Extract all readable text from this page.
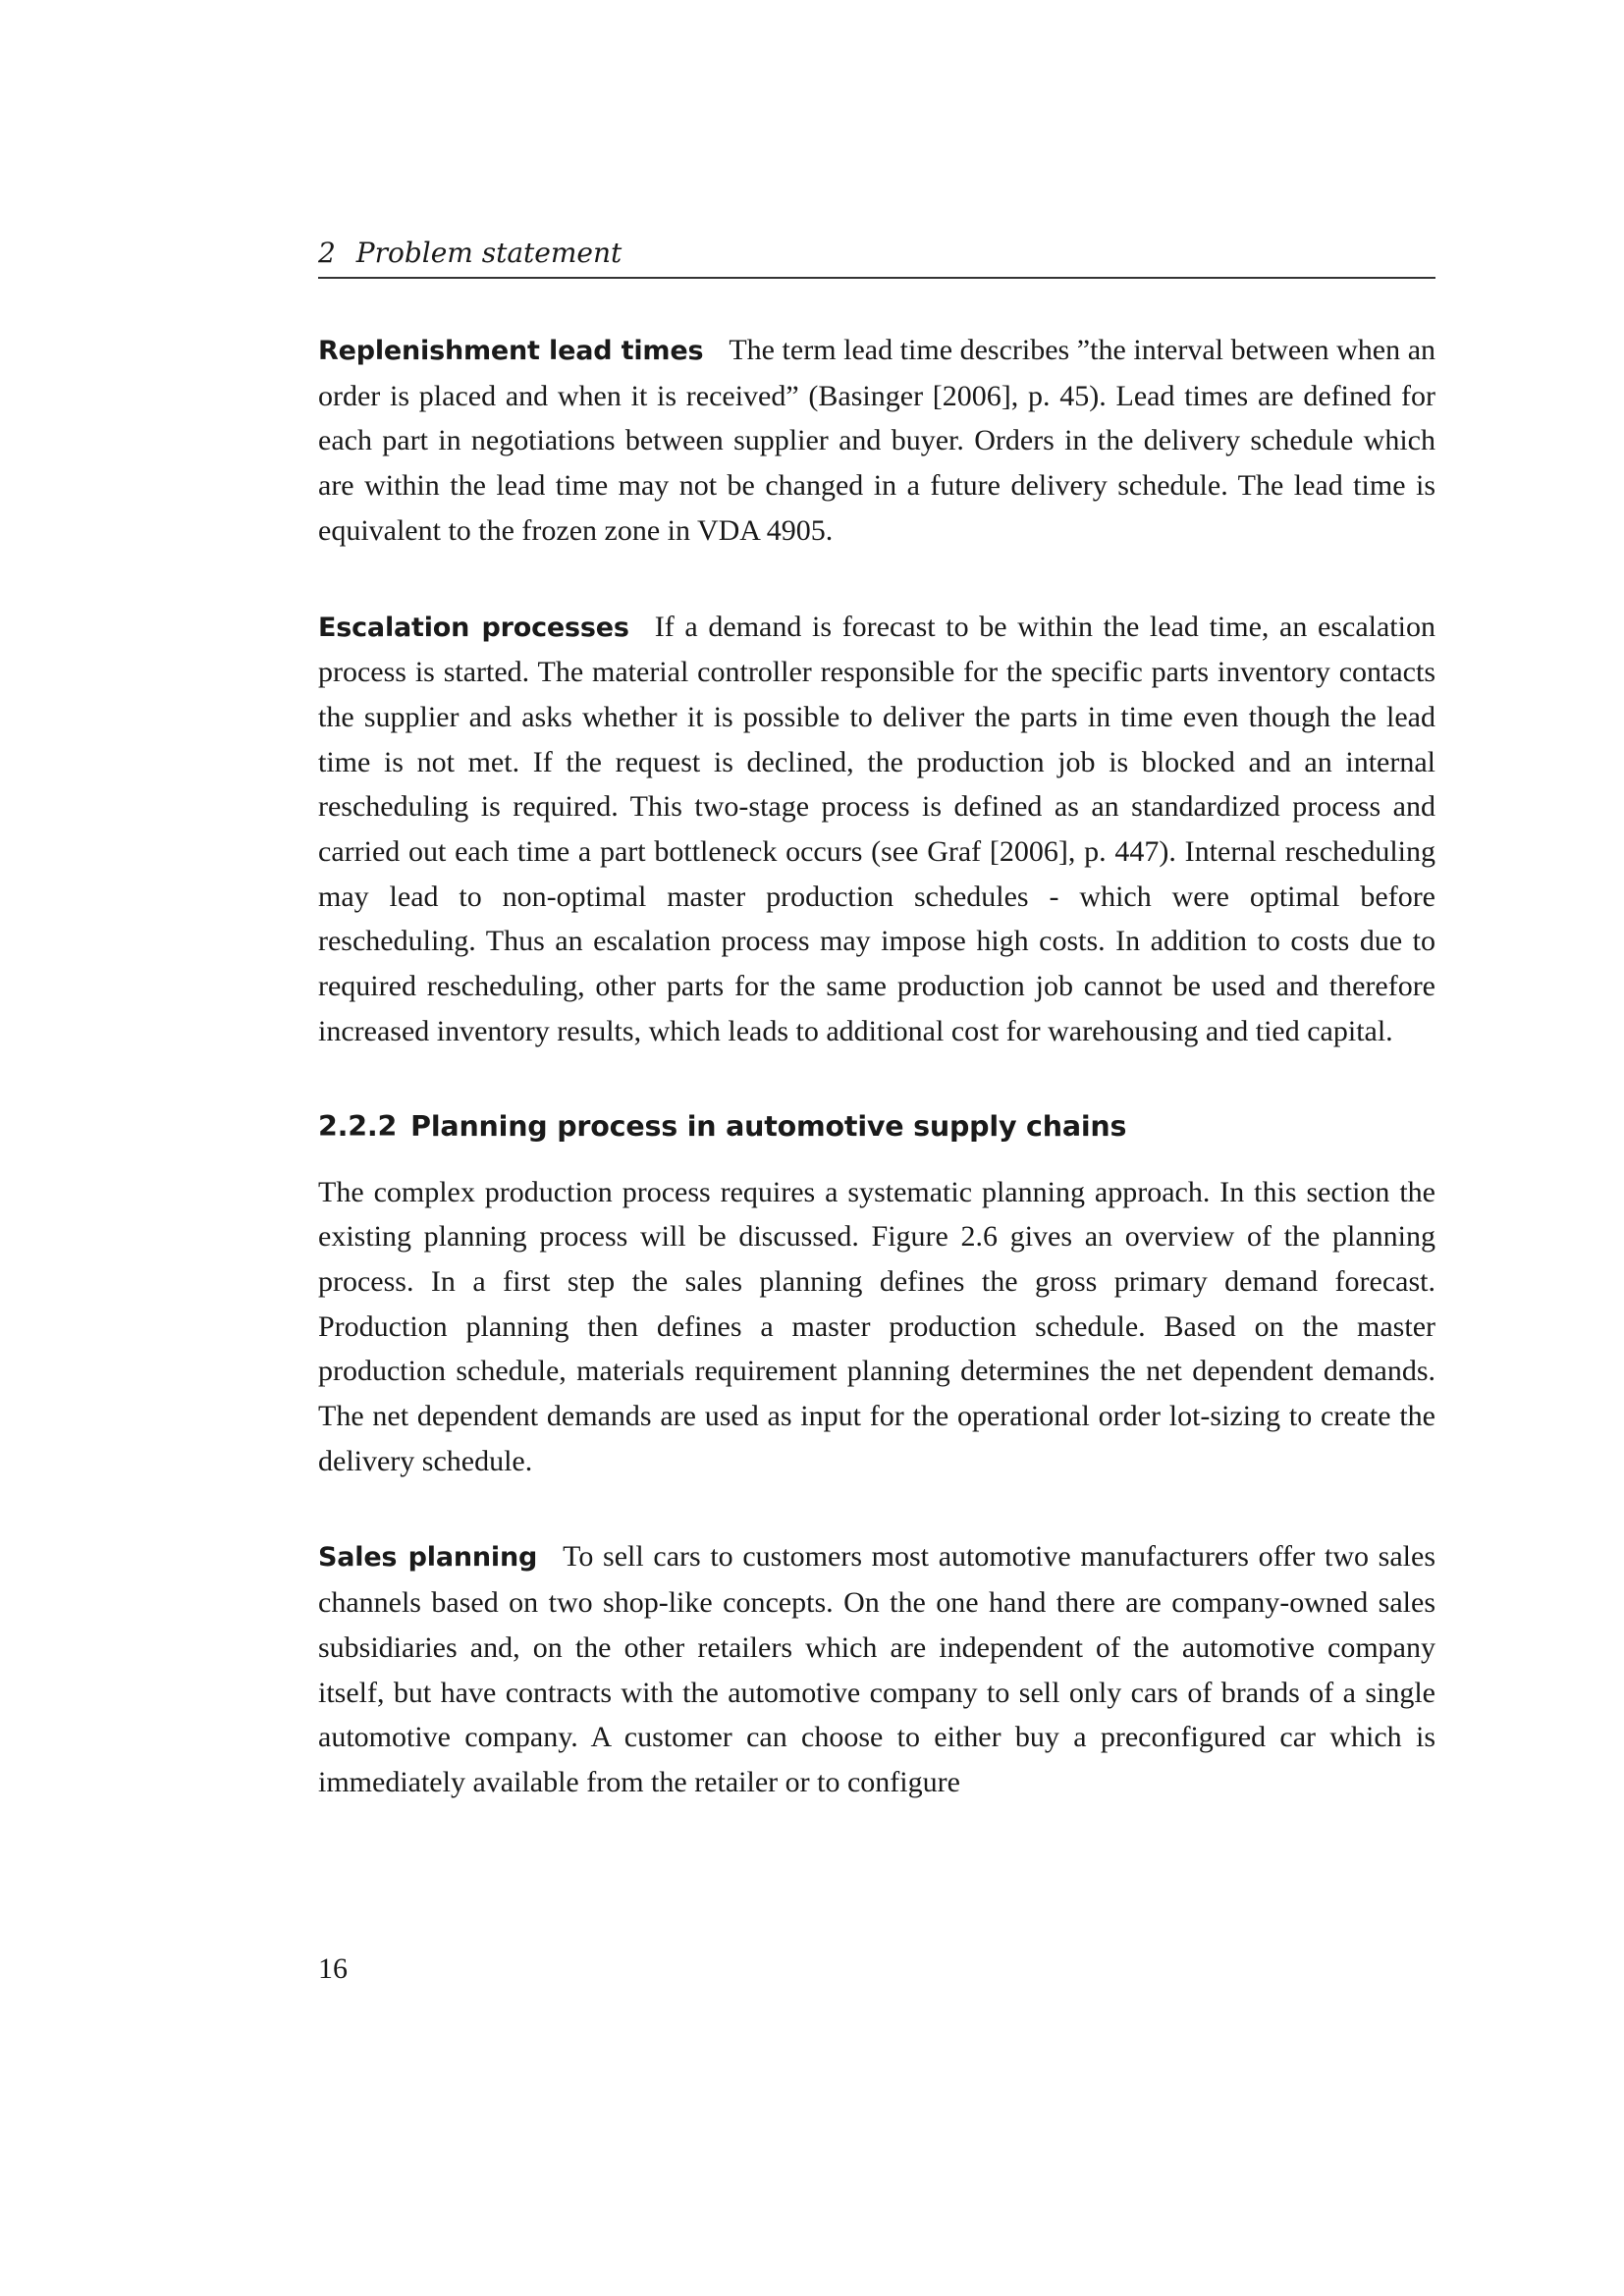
2 Problem statement

Replenishment lead times The term lead time describes ”the interval between when an order is placed and when it is received” (Basinger [2006], p. 45). Lead times are defined for each part in negotiations between supplier and buyer. Orders in the delivery schedule which are within the lead time may not be changed in a future delivery schedule. The lead time is equivalent to the frozen zone in VDA 4905.

Escalation processes If a demand is forecast to be within the lead time, an escalation process is started. The material controller responsible for the specific parts inventory contacts the supplier and asks whether it is possible to deliver the parts in time even though the lead time is not met. If the request is declined, the production job is blocked and an internal rescheduling is required. This two-stage process is defined as an standardized process and carried out each time a part bottleneck occurs (see Graf [2006], p. 447). Internal rescheduling may lead to non-optimal master production schedules - which were optimal before rescheduling. Thus an escalation process may impose high costs. In addition to costs due to required rescheduling, other parts for the same production job cannot be used and therefore increased inventory results, which leads to additional cost for warehousing and tied capital.

2.2.2 Planning process in automotive supply chains

The complex production process requires a systematic planning approach. In this section the existing planning process will be discussed. Figure 2.6 gives an overview of the planning process. In a first step the sales planning defines the gross primary demand forecast. Production planning then defines a master production schedule. Based on the master production schedule, materials requirement planning determines the net dependent demands. The net dependent demands are used as input for the operational order lot-sizing to create the delivery schedule.

Sales planning To sell cars to customers most automotive manufacturers offer two sales channels based on two shop-like concepts. On the one hand there are company-owned sales subsidiaries and, on the other retailers which are independent of the automotive company itself, but have contracts with the automotive company to sell only cars of brands of a single automotive company. A customer can choose to either buy a preconfigured car which is immediately available from the retailer or to configure

16
